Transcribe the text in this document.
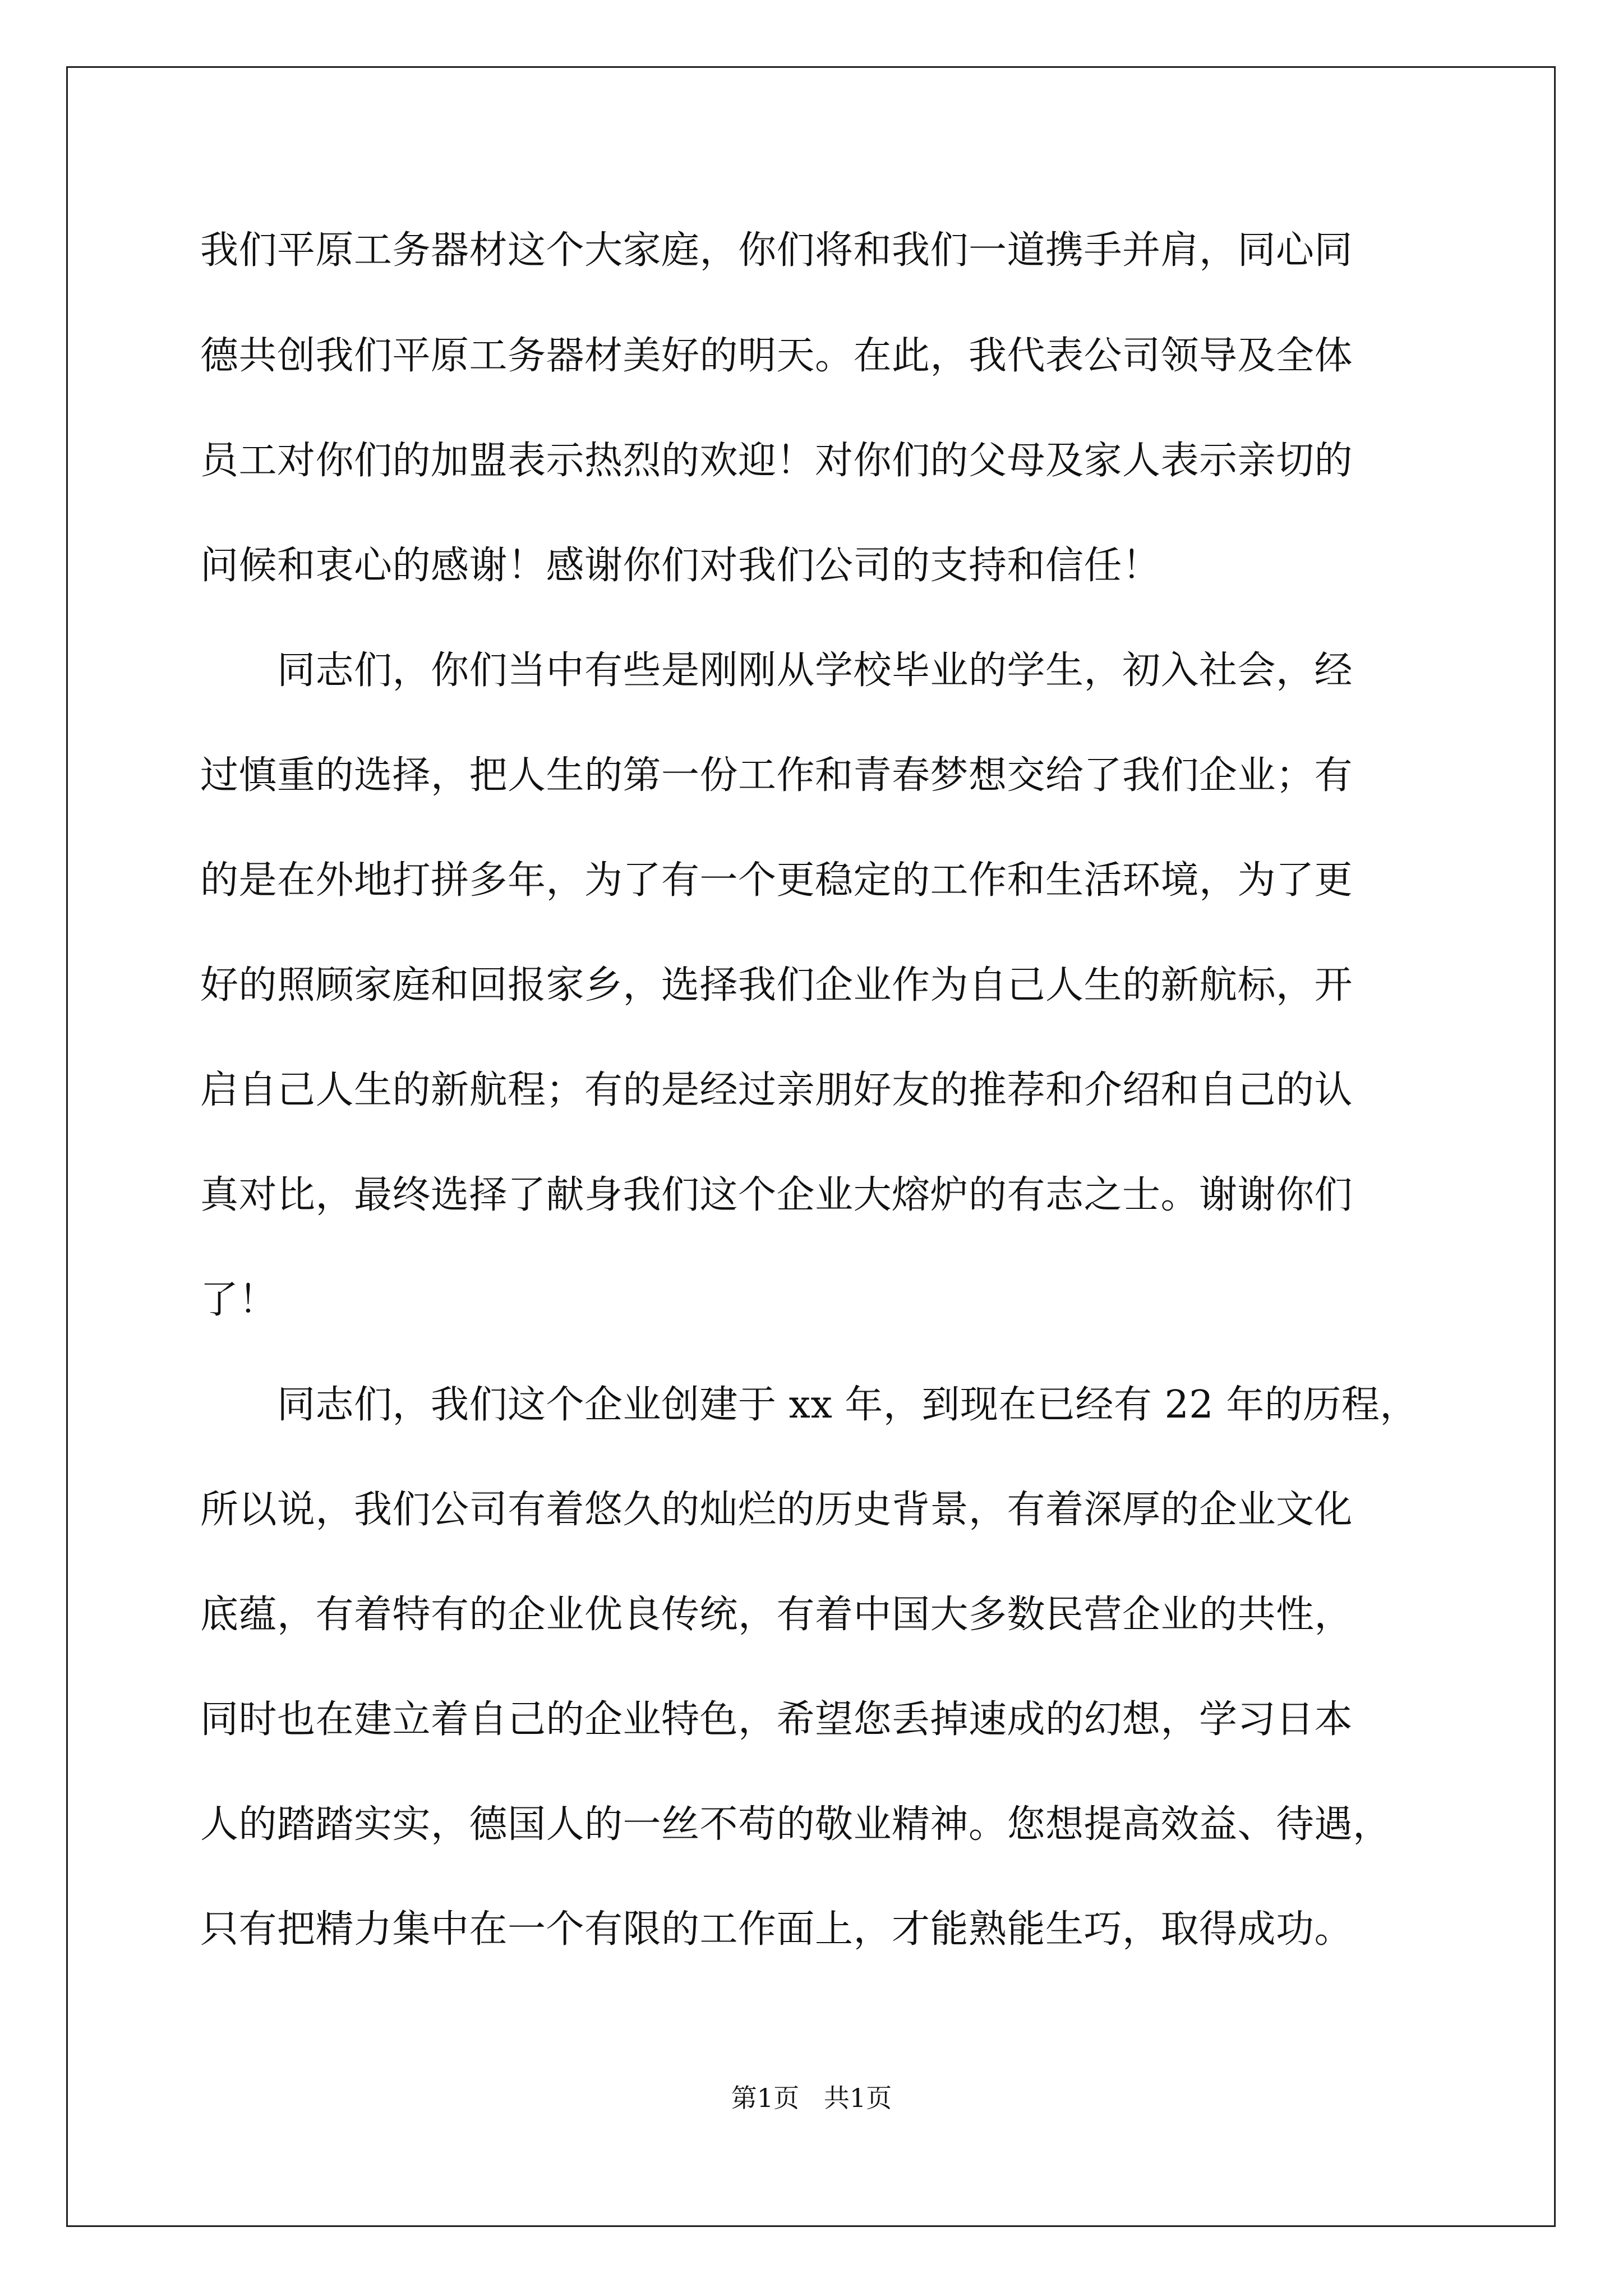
我们平原工务器材这个大家庭，你们将和我们一道携手并肩，同心同
德共创我们平原工务器材美好的明天。在此，我代表公司领导及全体
员工对你们的加盟表示热烈的欢迎！对你们的父母及家人表示亲切的
问候和衷心的感谢！感谢你们对我们公司的支持和信任！
　　同志们，你们当中有些是刚刚从学校毕业的学生，初入社会，经
过慎重的选择，把人生的第一份工作和青春梦想交给了我们企业；有
的是在外地打拼多年，为了有一个更稳定的工作和生活环境，为了更
好的照顾家庭和回报家乡，选择我们企业作为自己人生的新航标，开
启自己人生的新航程；有的是经过亲朋好友的推荐和介绍和自己的认
真对比，最终选择了献身我们这个企业大熔炉的有志之士。谢谢你们
了！
　　同志们，我们这个企业创建于 xx 年，到现在已经有 22 年的历程，
所以说，我们公司有着悠久的灿烂的历史背景，有着深厚的企业文化
底蕴，有着特有的企业优良传统，有着中国大多数民营企业的共性，
同时也在建立着自己的企业特色，希望您丢掉速成的幻想，学习日本
人的踏踏实实，德国人的一丝不苟的敬业精神。您想提高效益、待遇，
只有把精力集中在一个有限的工作面上，才能熟能生巧，取得成功。
第1页   共1页
